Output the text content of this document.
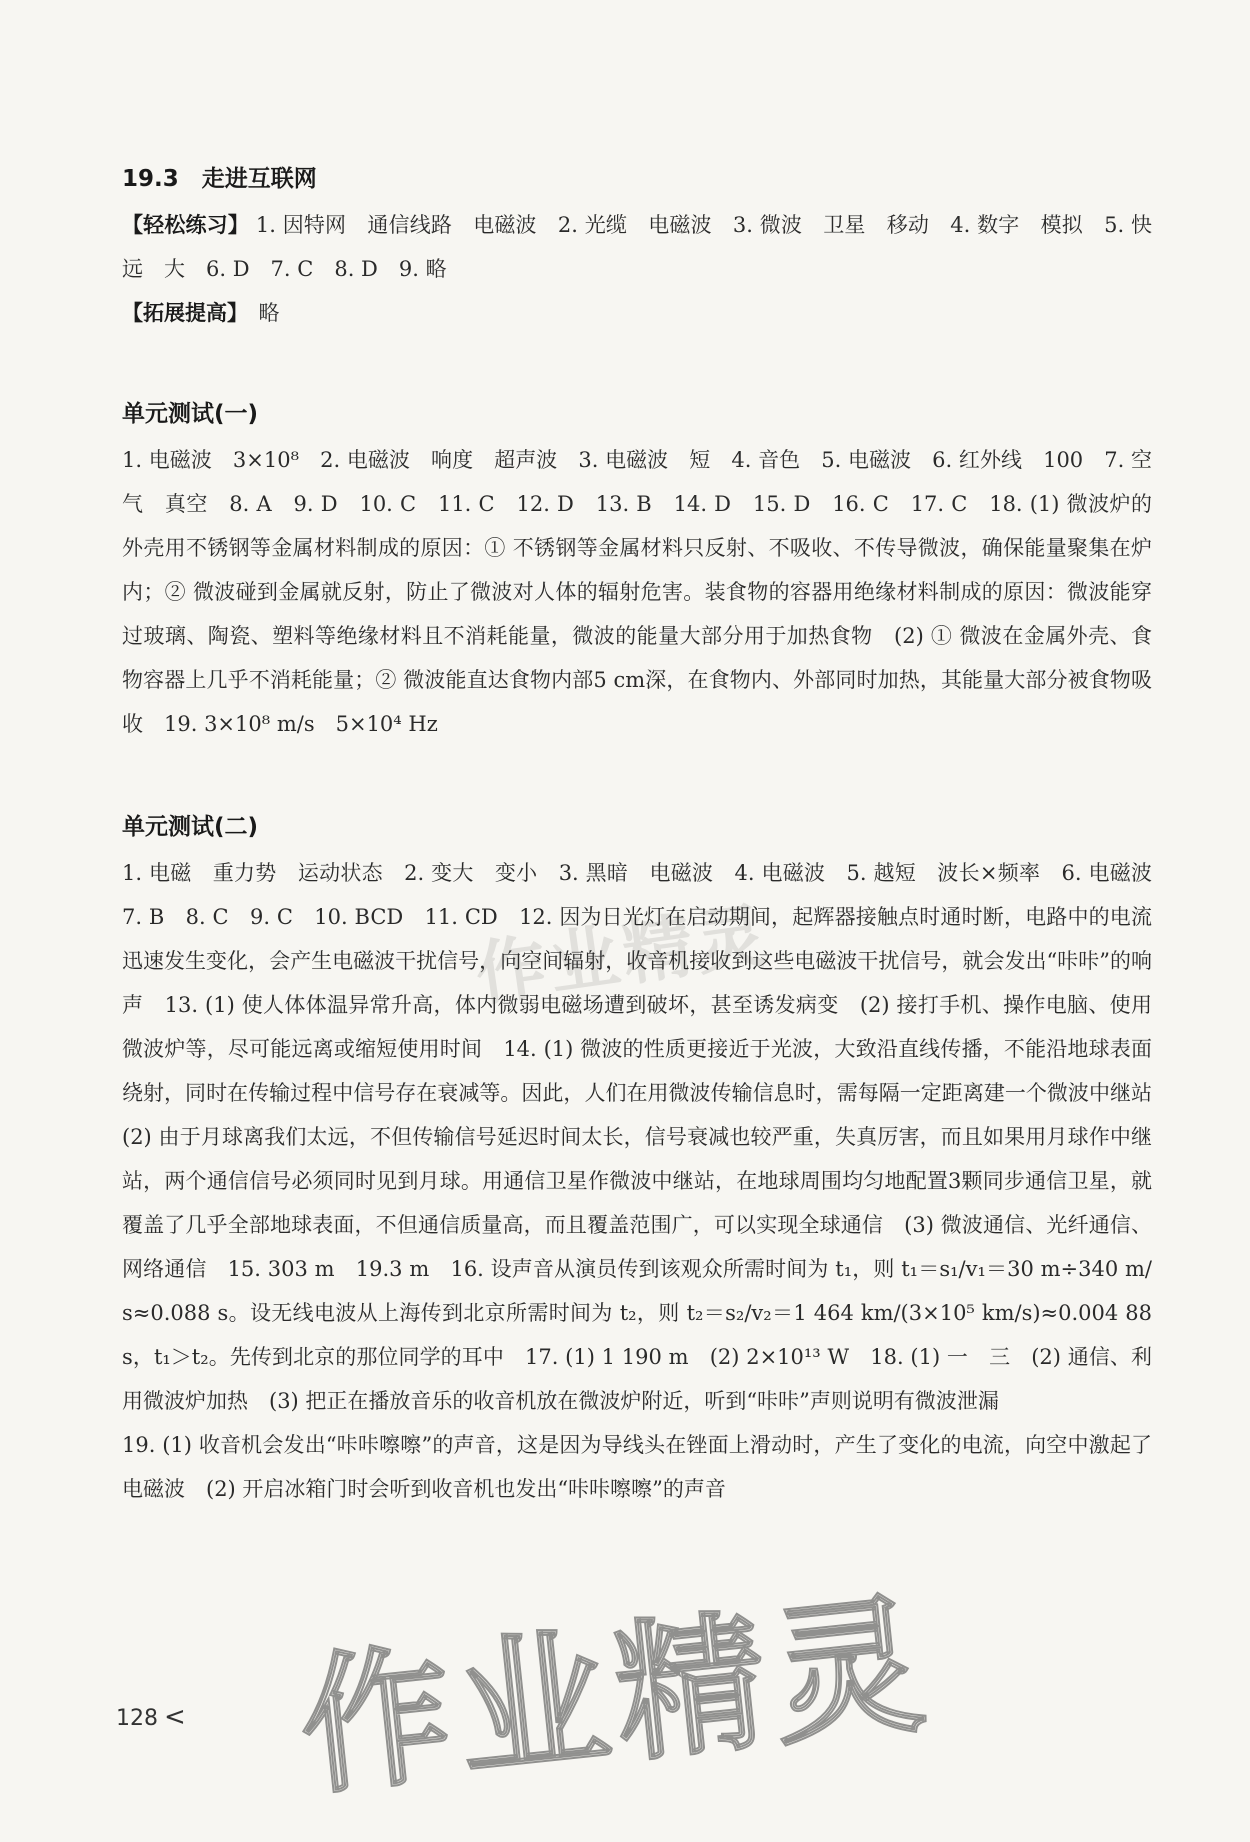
作业精灵
19.3　走进互联网

【轻松练习】 1. 因特网　通信线路　电磁波　2. 光缆　电磁波　3. 微波　卫星　移动　4. 数字　模拟　5. 快　远　大　6. D　7. C　8. D　9. 略

【拓展提高】　略

单元测试(一)

1. 电磁波　3×10⁸　2. 电磁波　响度　超声波　3. 电磁波　短　4. 音色　5. 电磁波　6. 红外线　100　7. 空气　真空　8. A　9. D　10. C　11. C　12. D　13. B　14. D　15. D　16. C　17. C　18. (1) 微波炉的外壳用不锈钢等金属材料制成的原因：① 不锈钢等金属材料只反射、不吸收、不传导微波，确保能量聚集在炉内；② 微波碰到金属就反射，防止了微波对人体的辐射危害。装食物的容器用绝缘材料制成的原因：微波能穿过玻璃、陶瓷、塑料等绝缘材料且不消耗能量，微波的能量大部分用于加热食物　(2) ① 微波在金属外壳、食物容器上几乎不消耗能量；② 微波能直达食物内部5 cm深，在食物内、外部同时加热，其能量大部分被食物吸收　19. 3×10⁸ m/s　5×10⁴ Hz

单元测试(二)

1. 电磁　重力势　运动状态　2. 变大　变小　3. 黑暗　电磁波　4. 电磁波　5. 越短　波长×频率　6. 电磁波　7. B　8. C　9. C　10. BCD　11. CD　12. 因为日光灯在启动期间，起辉器接触点时通时断，电路中的电流迅速发生变化，会产生电磁波干扰信号，向空间辐射，收音机接收到这些电磁波干扰信号，就会发出“咔咔”的响声　13. (1) 使人体体温异常升高，体内微弱电磁场遭到破坏，甚至诱发病变　(2) 接打手机、操作电脑、使用微波炉等，尽可能远离或缩短使用时间　14. (1) 微波的性质更接近于光波，大致沿直线传播，不能沿地球表面绕射，同时在传输过程中信号存在衰减等。因此，人们在用微波传输信息时，需每隔一定距离建一个微波中继站　(2) 由于月球离我们太远，不但传输信号延迟时间太长，信号衰减也较严重，失真厉害，而且如果用月球作中继站，两个通信信号必须同时见到月球。用通信卫星作微波中继站，在地球周围均匀地配置3颗同步通信卫星，就覆盖了几乎全部地球表面，不但通信质量高，而且覆盖范围广，可以实现全球通信　(3) 微波通信、光纤通信、网络通信　15. 303 m　19.3 m　16. 设声音从演员传到该观众所需时间为 t₁，则 t₁＝s₁/v₁＝30 m÷340 m/s≈0.088 s。设无线电波从上海传到北京所需时间为 t₂，则 t₂＝s₂/v₂＝1 464 km/(3×10⁵ km/s)≈0.004 88 s，t₁＞t₂。先传到北京的那位同学的耳中　17. (1) 1 190 m　(2) 2×10¹³ W　18. (1) 一　三　(2) 通信、利用微波炉加热　(3) 把正在播放音乐的收音机放在微波炉附近，听到“咔咔”声则说明有微波泄漏

19. (1) 收音机会发出“咔咔嚓嚓”的声音，这是因为导线头在锉面上滑动时，产生了变化的电流，向空中激起了电磁波　(2) 开启冰箱门时会听到收音机也发出“咔咔嚓嚓”的声音

作业精灵
128 <
